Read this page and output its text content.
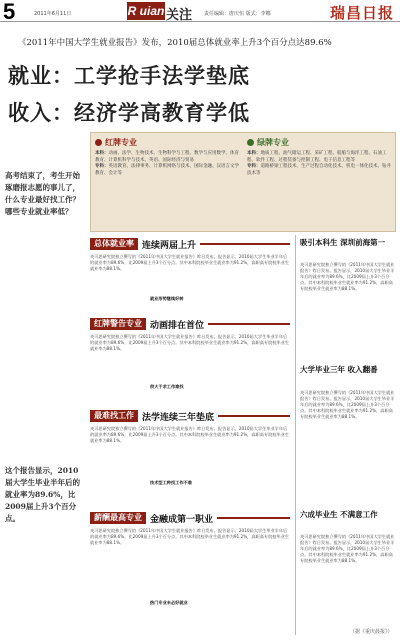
5	2011年6月11日	R uian 关注 责任编辑：唐庆恒 版式：李娜	瑞昌日报
《2011年中国大学生就业报告》发布，2010届总体就业率上升3个百分点达89.6%
就业：工学抢手法学垫底
收入：经济学高教育学低
红牌专业
本科：动画、法学、生物技术、生物科学与工程、数学与应用数学、体育教育、计算机科学与技术、英语、国际经济与贸易
专科：英语教育、法律事务、计算机网络与技术、国际金融、汉语言文学教育、会计等
绿牌专业
本科：地质工程、油气储运工程、采矿工程、船舶与海洋工程、石油工程、软件工程、过程装备与控制工程、电子信息工程等
专科：道路桥梁工程技术、生产过程自动化技术、机电一体化技术、钻井技术等
高考结束了，考生开始琢磨报志愿的事儿了，什么专业最好找工作？哪些专业就业率低？
这个报告显示，2010届大学生毕业半年后的就业率为89.6%，比2009届上升3个百分点。
总体就业率 连续两届上升
麦可思研究院独立撰写的《2011年中国大学生就业报告》昨日发布。报告显示，2010届大学生毕业半年后的就业率为89.6%，比2009届上升3个百分点。其中本科院校毕业生就业率为91.2%，高职高专院校毕业生就业率为88.1%。
就业形势继续好转
红牌警告专业 动画排在首位
麦可思研究院独立撰写的《2011年中国大学生就业报告》昨日发布。报告显示，2010届大学生毕业半年后的就业率为89.6%，比2009届上升3个百分点。其中本科院校毕业生就业率为91.2%，高职高专院校毕业生就业率为88.1%。
供大于求工作难找
最难找工作 法学连续三年垫底
麦可思研究院独立撰写的《2011年中国大学生就业报告》昨日发布。报告显示，2010届大学生毕业半年后的就业率为89.6%，比2009届上升3个百分点。其中本科院校毕业生就业率为91.2%，高职高专院校毕业生就业率为88.1%。
技术型工种找工作不难
薪酬最高专业 金融成第一职业
麦可思研究院独立撰写的《2011年中国大学生就业报告》昨日发布。报告显示，2010届大学生毕业半年后的就业率为89.6%，比2009届上升3个百分点。其中本科院校毕业生就业率为91.2%，高职高专院校毕业生就业率为88.1%。
热门专业未必好就业
吸引本科生 深圳前海第一
麦可思研究院独立撰写的《2011年中国大学生就业报告》昨日发布。报告显示，2010届大学生毕业半年后的就业率为89.6%，比2009届上升3个百分点。其中本科院校毕业生就业率为91.2%，高职高专院校毕业生就业率为88.1%。
大学毕业三年 收入翻番
麦可思研究院独立撰写的《2011年中国大学生就业报告》昨日发布。报告显示，2010届大学生毕业半年后的就业率为89.6%，比2009届上升3个百分点。其中本科院校毕业生就业率为91.2%，高职高专院校毕业生就业率为88.1%。
六成毕业生 不满意工作
麦可思研究院独立撰写的《2011年中国大学生就业报告》昨日发布。报告显示，2010届大学生毕业半年后的就业率为89.6%，比2009届上升3个百分点。其中本科院校毕业生就业率为91.2%，高职高专院校毕业生就业率为88.1%。
（据《重庆晨报》）
